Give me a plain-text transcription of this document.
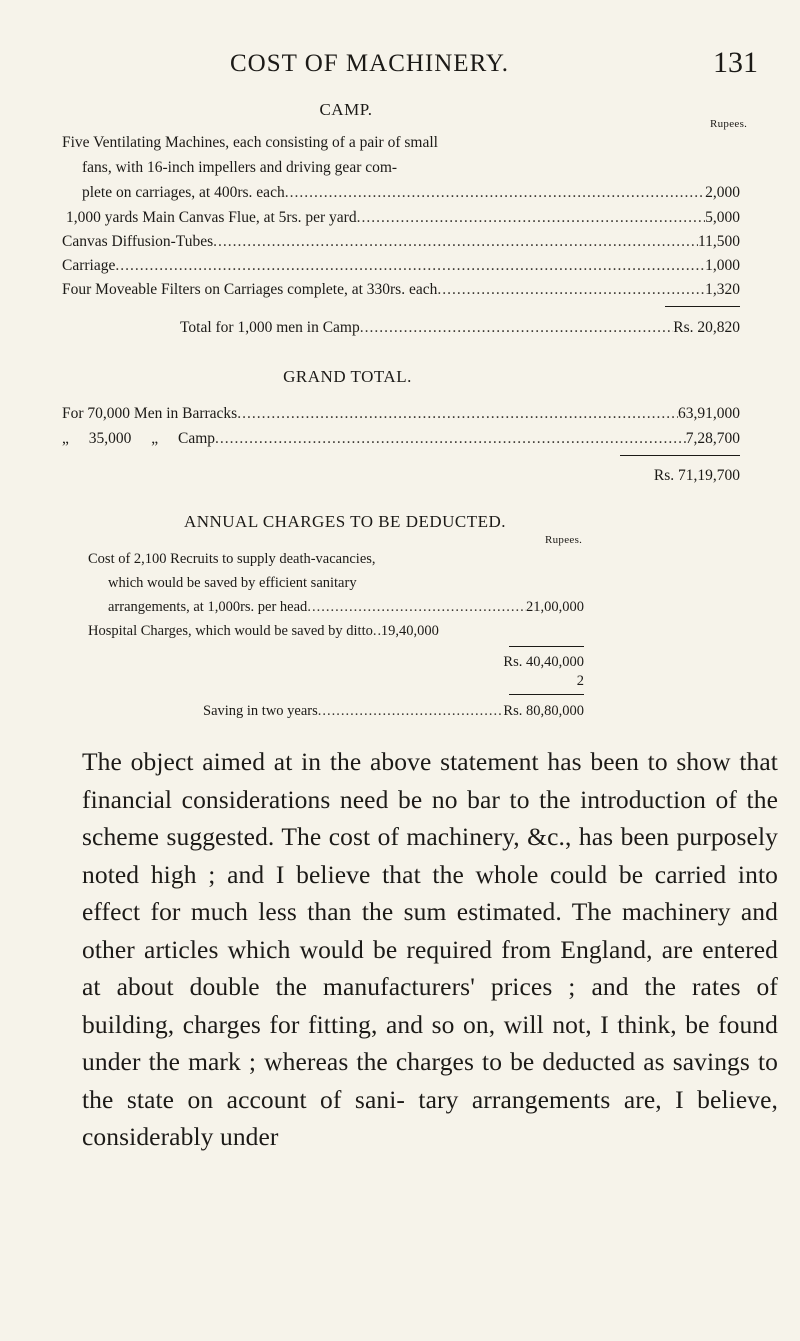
COST OF MACHINERY.	131
CAMP.
Rupees.
Five Ventilating Machines, each consisting of a pair of small
fans, with 16-inch impellers and driving gear com-
plete on carriages, at 400rs. each .....	2,000
1,000 yards Main Canvas Flue, at 5rs. per yard .....	5,000
Canvas Diffusion-Tubes .....	11,500
Carriage .....	1,000
Four Moveable Filters on Carriages complete, at 330rs. each .....	1,320
Total for 1,000 men in Camp .....	Rs. 20,820
GRAND TOTAL.
For 70,000 Men in Barracks .....	63,91,000
„ 35,000 „ Camp .....	7,28,700
Rs. 71,19,700
ANNUAL CHARGES TO BE DEDUCTED.
Rupees.
Cost of 2,100 Recruits to supply death-vacancies,
which would be saved by efficient sanitary
arrangements, at 1,000rs. per head .....	21,00,000
Hospital Charges, which would be saved by ditto ..... 19,40,000
Rs. 40,40,000
2
Saving in two years .....	Rs. 80,80,000
The object aimed at in the above statement has been to show that financial considerations need be no bar to the introduction of the scheme suggested. The cost of machinery, &c., has been purposely noted high ; and I believe that the whole could be carried into effect for much less than the sum estimated. The machinery and other articles which would be required from England, are entered at about double the manufacturers' prices ; and the rates of building, charges for fitting, and so on, will not, I think, be found under the mark ; whereas the charges to be deducted as savings to the state on account of sani- tary arrangements are, I believe, considerably under
